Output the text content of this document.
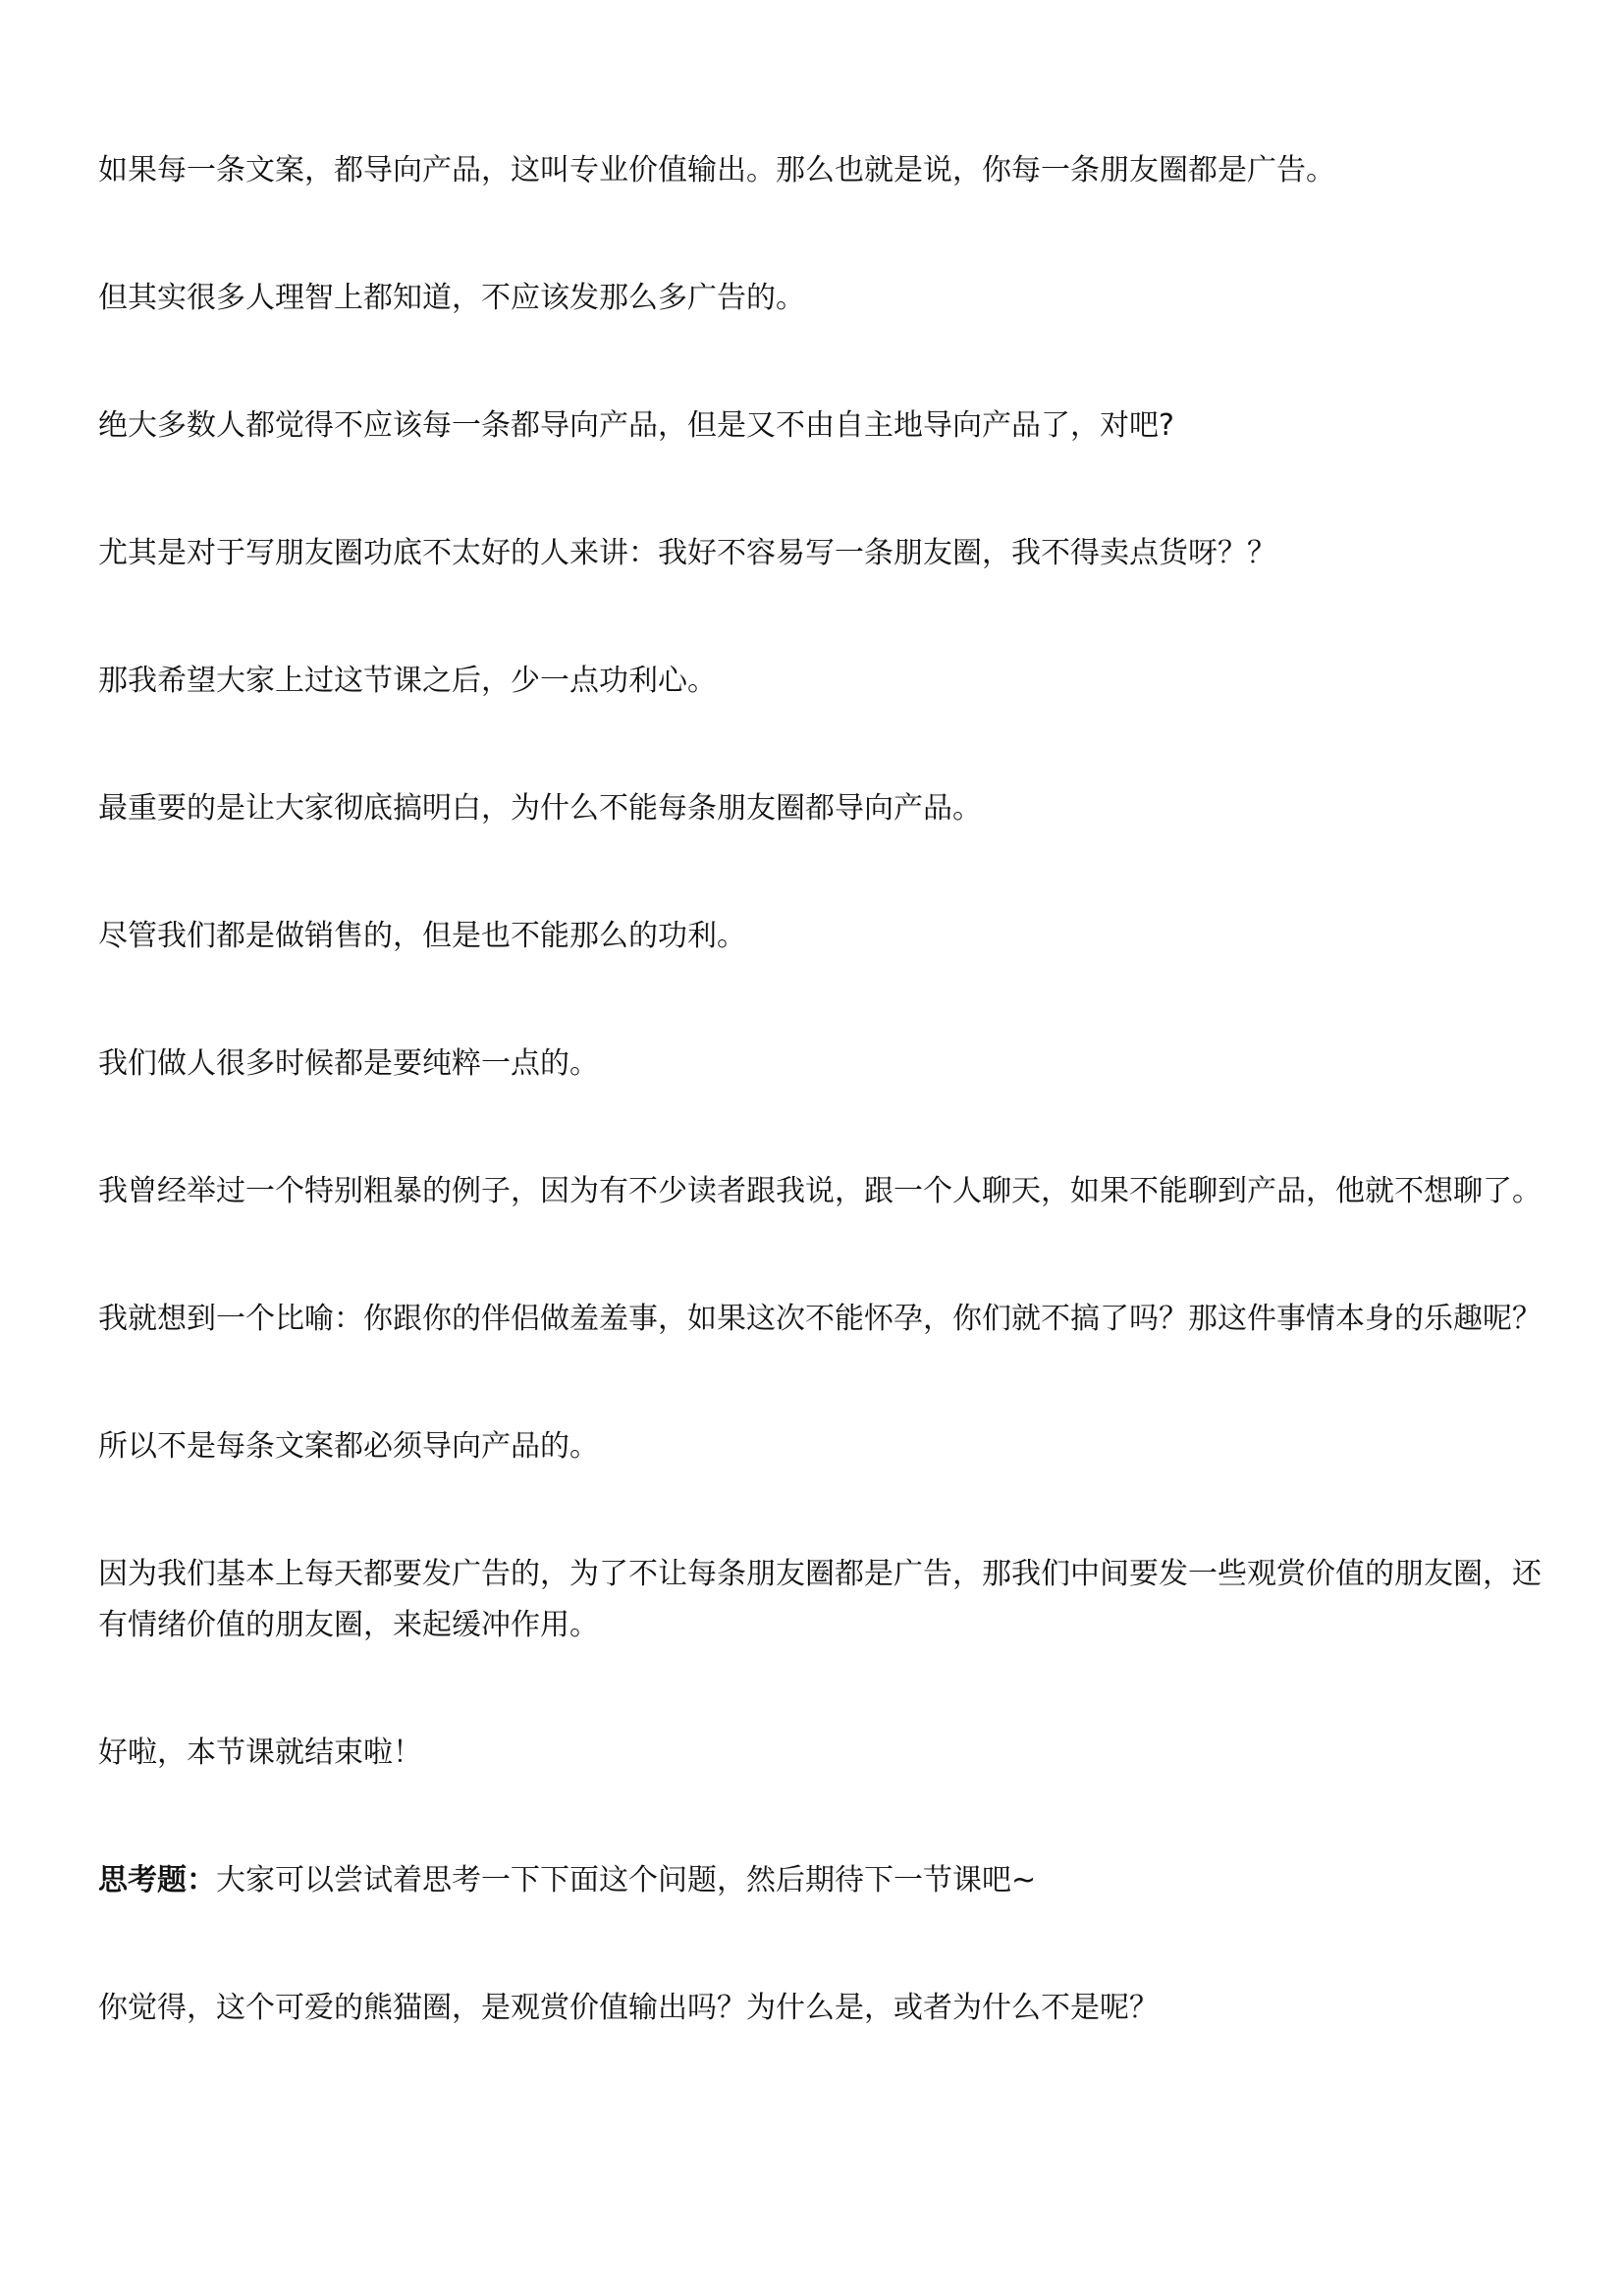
如果每一条文案，都导向产品，这叫专业价值输出。那么也就是说，你每一条朋友圈都是广告。

但其实很多人理智上都知道，不应该发那么多广告的。

绝大多数人都觉得不应该每一条都导向产品，但是又不由自主地导向产品了，对吧?

尤其是对于写朋友圈功底不太好的人来讲：我好不容易写一条朋友圈，我不得卖点货呀？？

那我希望大家上过这节课之后，少一点功利心。

最重要的是让大家彻底搞明白，为什么不能每条朋友圈都导向产品。

尽管我们都是做销售的，但是也不能那么的功利。

我们做人很多时候都是要纯粹一点的。

我曾经举过一个特别粗暴的例子，因为有不少读者跟我说，跟一个人聊天，如果不能聊到产品，他就不想聊了。

我就想到一个比喻：你跟你的伴侣做羞羞事，如果这次不能怀孕，你们就不搞了吗？那这件事情本身的乐趣呢？

所以不是每条文案都必须导向产品的。

因为我们基本上每天都要发广告的，为了不让每条朋友圈都是广告，那我们中间要发一些观赏价值的朋友圈，还有情绪价值的朋友圈，来起缓冲作用。

好啦，本节课就结束啦！

思考题：大家可以尝试着思考一下下面这个问题，然后期待下一节课吧~

你觉得，这个可爱的熊猫圈，是观赏价值输出吗？为什么是，或者为什么不是呢？
